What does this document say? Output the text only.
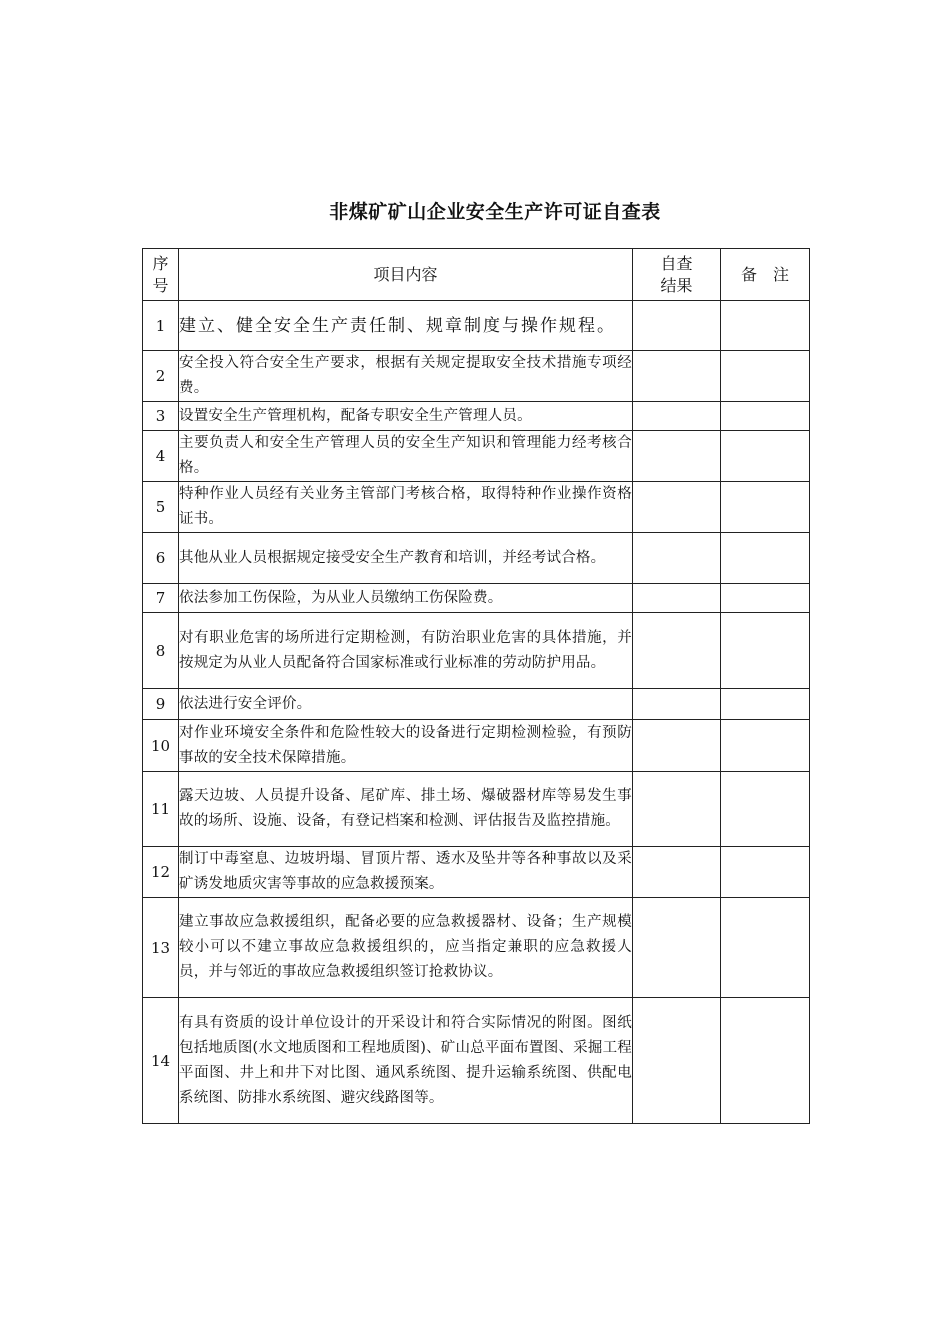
非煤矿矿山企业安全生产许可证自查表
序号	项目内容	自查结果	备　注
1	建立、健全安全生产责任制、规章制度与操作规程。		
2	安全投入符合安全生产要求，根据有关规定提取安全技术措施专项经费。		
3	设置安全生产管理机构，配备专职安全生产管理人员。		
4	主要负责人和安全生产管理人员的安全生产知识和管理能力经考核合格。		
5	特种作业人员经有关业务主管部门考核合格，取得特种作业操作资格证书。		
6	其他从业人员根据规定接受安全生产教育和培训，并经考试合格。		
7	依法参加工伤保险，为从业人员缴纳工伤保险费。		
8	对有职业危害的场所进行定期检测，有防治职业危害的具体措施，并按规定为从业人员配备符合国家标准或行业标准的劳动防护用品。		
9	依法进行安全评价。		
10	对作业环境安全条件和危险性较大的设备进行定期检测检验，有预防事故的安全技术保障措施。		
11	露天边坡、人员提升设备、尾矿库、排土场、爆破器材库等易发生事故的场所、设施、设备，有登记档案和检测、评估报告及监控措施。		
12	制订中毒窒息、边坡坍塌、冒顶片帮、透水及坠井等各种事故以及采矿诱发地质灾害等事故的应急救援预案。		
13	建立事故应急救援组织，配备必要的应急救援器材、设备；生产规模较小可以不建立事故应急救援组织的，应当指定兼职的应急救援人员，并与邻近的事故应急救援组织签订抢救协议。		
14	有具有资质的设计单位设计的开采设计和符合实际情况的附图。图纸包括地质图(水文地质图和工程地质图)、矿山总平面布置图、采掘工程平面图、井上和井下对比图、通风系统图、提升运输系统图、供配电系统图、防排水系统图、避灾线路图等。		
